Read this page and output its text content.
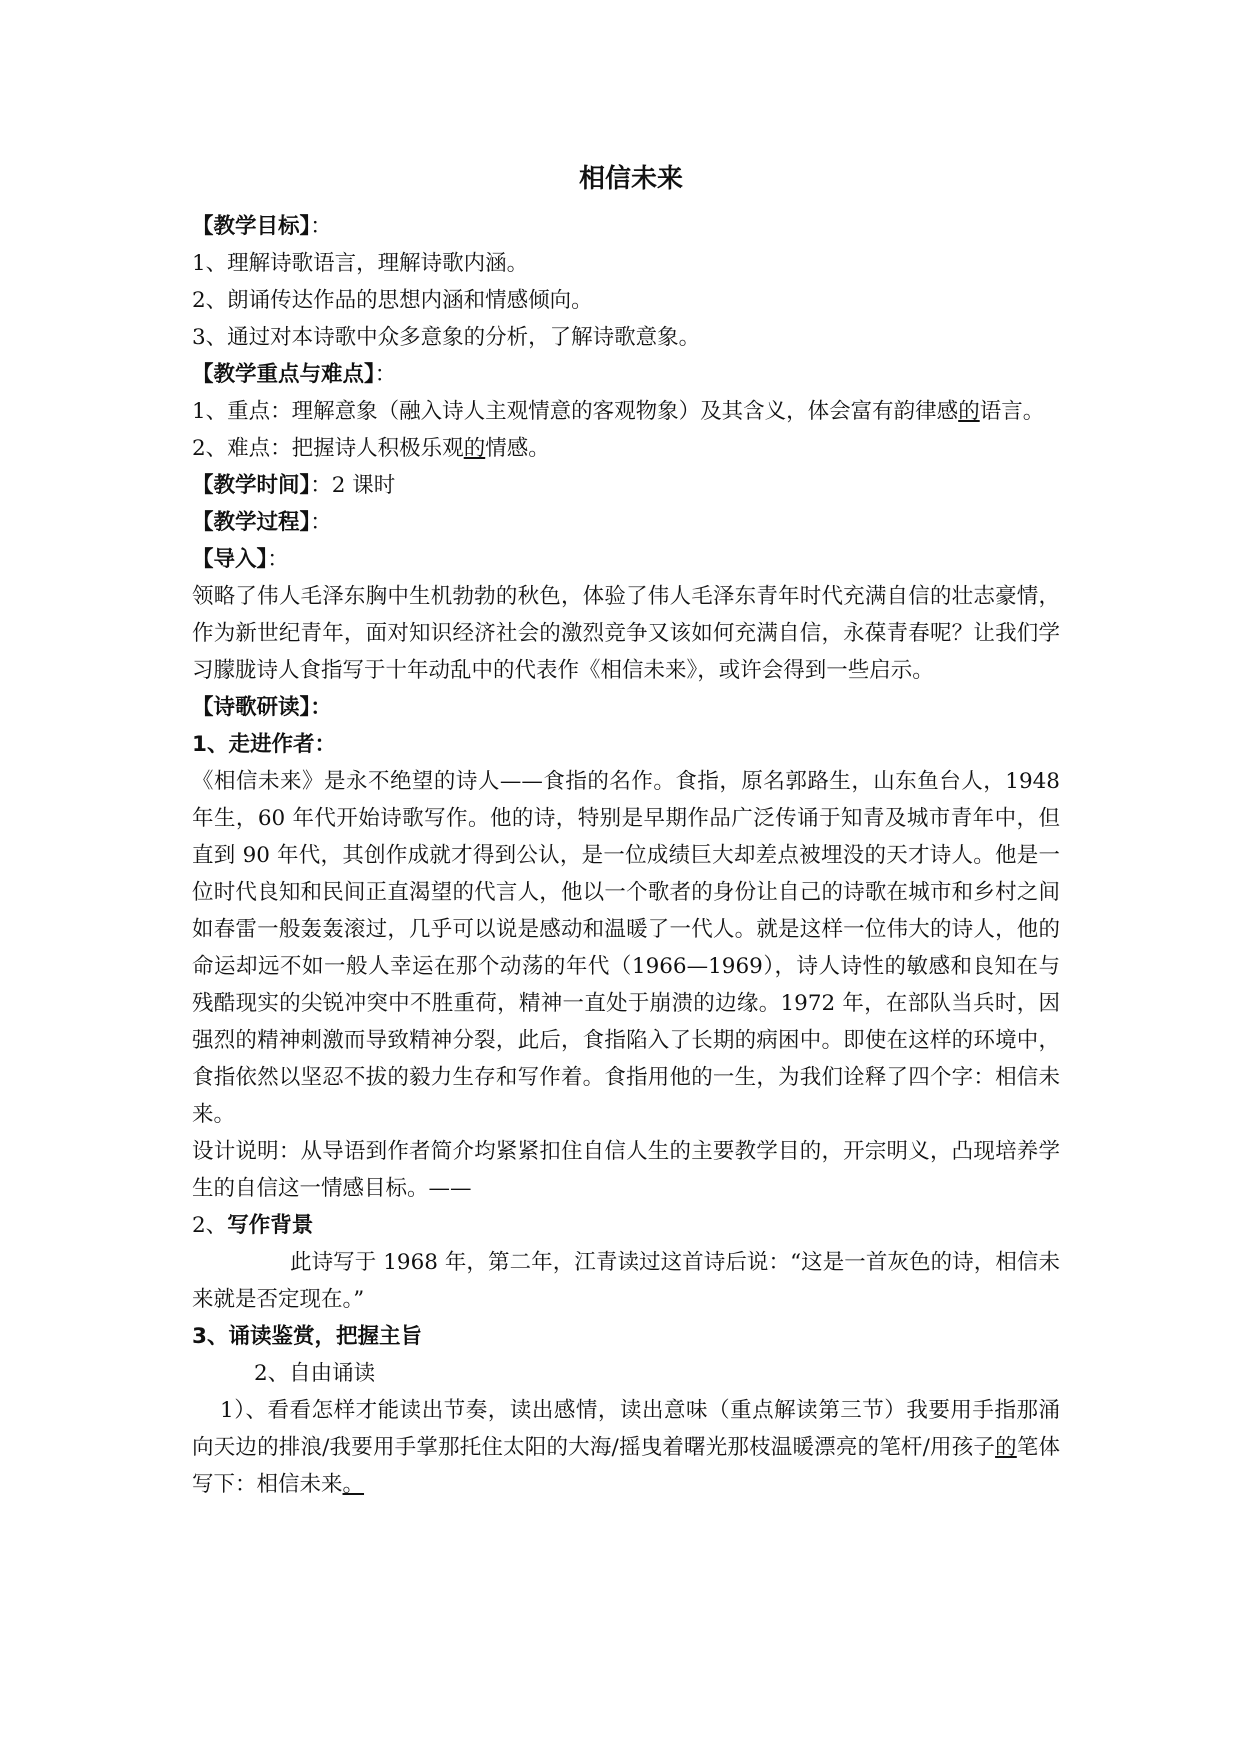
相信未来

【教学目标】：

1、理解诗歌语言，理解诗歌内涵。

2、朗诵传达作品的思想内涵和情感倾向。

3、通过对本诗歌中众多意象的分析，了解诗歌意象。

【教学重点与难点】：

1、重点：理解意象（融入诗人主观情意的客观物象）及其含义，体会富有韵律感的语言。

2、难点：把握诗人积极乐观的情感。

【教学时间】：2 课时

【教学过程】：

【导入】：

领略了伟人毛泽东胸中生机勃勃的秋色，体验了伟人毛泽东青年时代充满自信的壮志豪情，作为新世纪青年，面对知识经济社会的激烈竞争又该如何充满自信，永葆青春呢？让我们学习朦胧诗人食指写于十年动乱中的代表作《相信未来》，或许会得到一些启示。

【诗歌研读】：

1、走进作者：

《相信未来》是永不绝望的诗人——食指的名作。食指，原名郭路生，山东鱼台人，1948 年生，60 年代开始诗歌写作。他的诗，特别是早期作品广泛传诵于知青及城市青年中，但直到 90 年代，其创作成就才得到公认，是一位成绩巨大却差点被埋没的天才诗人。他是一位时代良知和民间正直渴望的代言人，他以一个歌者的身份让自己的诗歌在城市和乡村之间如春雷一般轰轰滚过，几乎可以说是感动和温暖了一代人。就是这样一位伟大的诗人，他的命运却远不如一般人幸运在那个动荡的年代（1966—1969），诗人诗性的敏感和良知在与残酷现实的尖锐冲突中不胜重荷，精神一直处于崩溃的边缘。1972 年，在部队当兵时，因强烈的精神刺激而导致精神分裂，此后，食指陷入了长期的病困中。即使在这样的环境中，食指依然以坚忍不拔的毅力生存和写作着。食指用他的一生，为我们诠释了四个字：相信未来。

设计说明：从导语到作者简介均紧紧扣住自信人生的主要教学目的，开宗明义，凸现培养学生的自信这一情感目标。——

2、写作背景

此诗写于 1968 年，第二年，江青读过这首诗后说：“这是一首灰色的诗，相信未来就是否定现在。”

3、诵读鉴赏，把握主旨

2、自由诵读

1）、看看怎样才能读出节奏，读出感情，读出意味（重点解读第三节）我要用手指那涌向天边的排浪/我要用手掌那托住太阳的大海/摇曳着曙光那枝温暖漂亮的笔杆/用孩子的笔体写下：相信未来。
